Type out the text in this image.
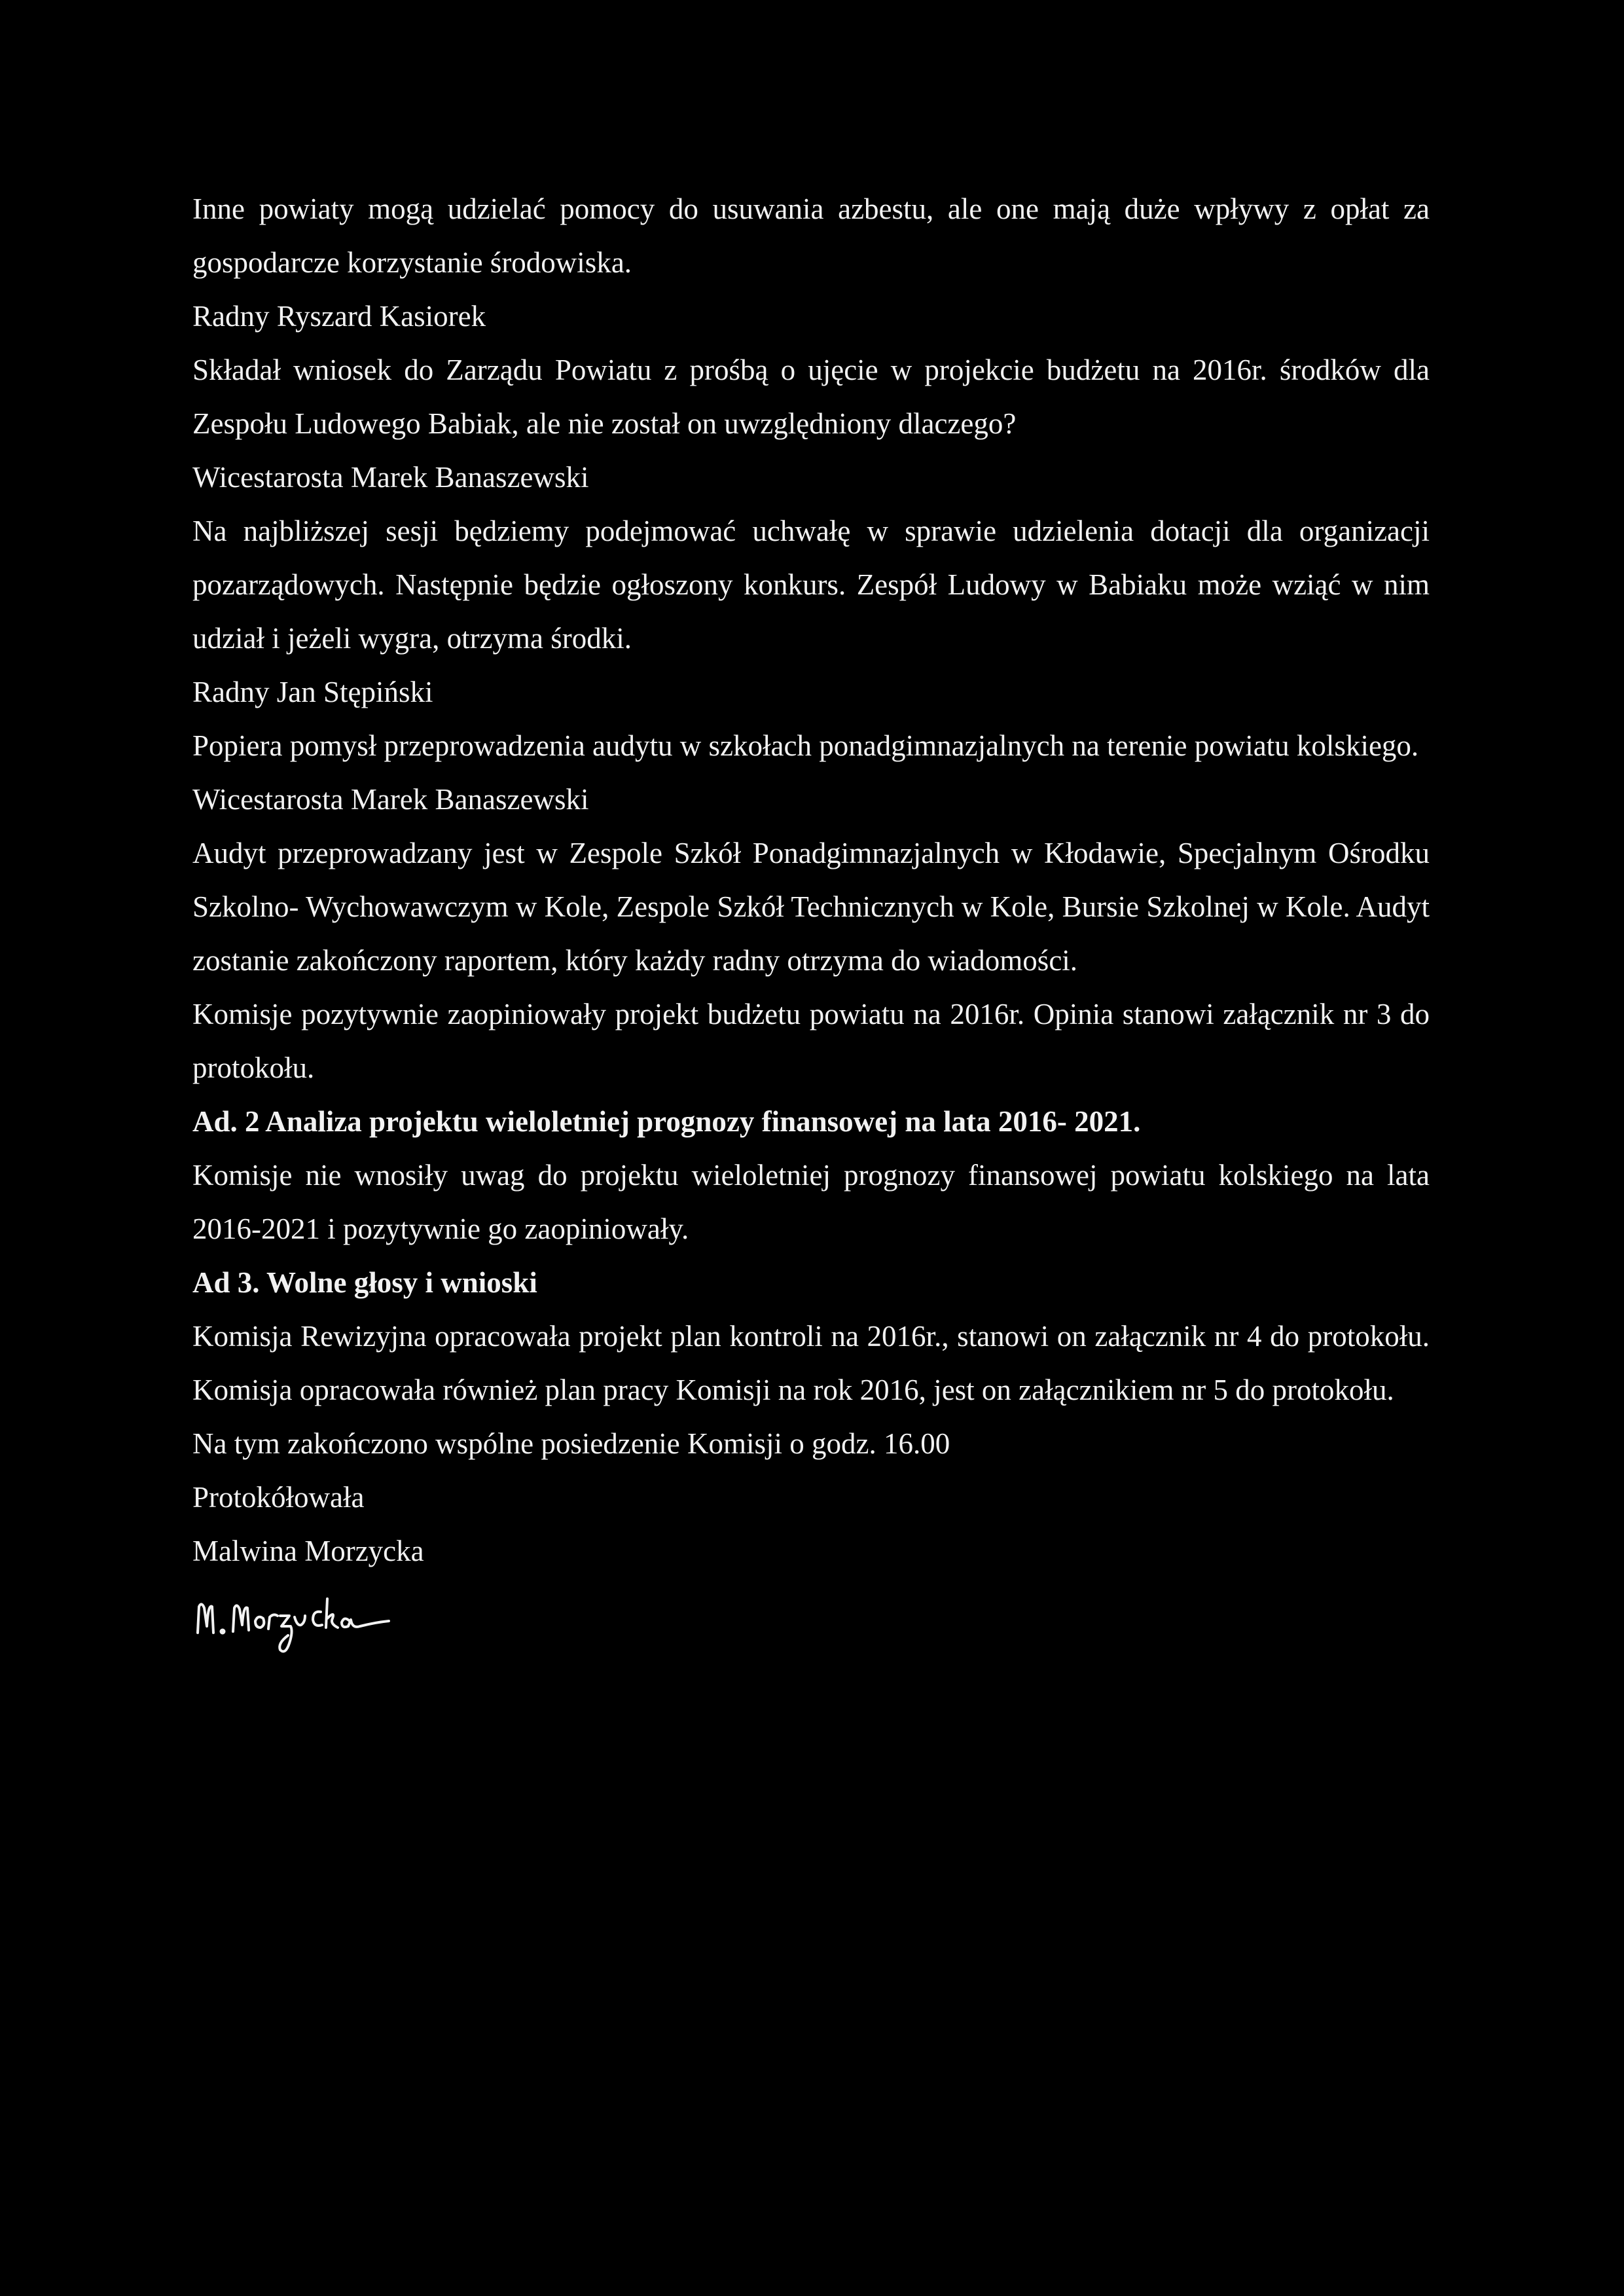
Inne powiaty mogą udzielać pomocy do usuwania azbestu, ale one mają duże wpływy z opłat za gospodarcze korzystanie środowiska.

Radny Ryszard Kasiorek

Składał wniosek do Zarządu Powiatu z prośbą o ujęcie w projekcie budżetu na 2016r. środków dla Zespołu Ludowego Babiak, ale nie został on uwzględniony dlaczego?

Wicestarosta Marek Banaszewski

Na najbliższej sesji będziemy podejmować uchwałę w sprawie udzielenia dotacji dla organizacji pozarządowych. Następnie będzie ogłoszony konkurs. Zespół Ludowy w Babiaku może wziąć w nim udział i jeżeli wygra, otrzyma środki.

Radny Jan Stępiński

Popiera pomysł przeprowadzenia audytu w szkołach ponadgimnazjalnych na terenie powiatu kolskiego.

Wicestarosta Marek Banaszewski

Audyt przeprowadzany jest w Zespole Szkół Ponadgimnazjalnych w Kłodawie, Specjalnym Ośrodku Szkolno- Wychowawczym w Kole, Zespole Szkół Technicznych w Kole, Bursie Szkolnej w Kole. Audyt zostanie zakończony raportem, który każdy radny otrzyma do wiadomości.

Komisje pozytywnie zaopiniowały projekt budżetu powiatu na 2016r. Opinia stanowi załącznik nr 3 do protokołu.

Ad. 2 Analiza projektu wieloletniej prognozy finansowej na lata 2016- 2021.

Komisje nie wnosiły uwag do projektu wieloletniej prognozy finansowej powiatu kolskiego na lata 2016-2021 i pozytywnie go zaopiniowały.

Ad 3. Wolne głosy i wnioski

Komisja Rewizyjna opracowała projekt plan kontroli na 2016r., stanowi on załącznik nr 4 do protokołu. Komisja opracowała również plan pracy Komisji na rok 2016, jest on załącznikiem nr 5 do protokołu.

Na tym zakończono wspólne posiedzenie Komisji o godz. 16.00

Protokółowała

Malwina Morzycka
